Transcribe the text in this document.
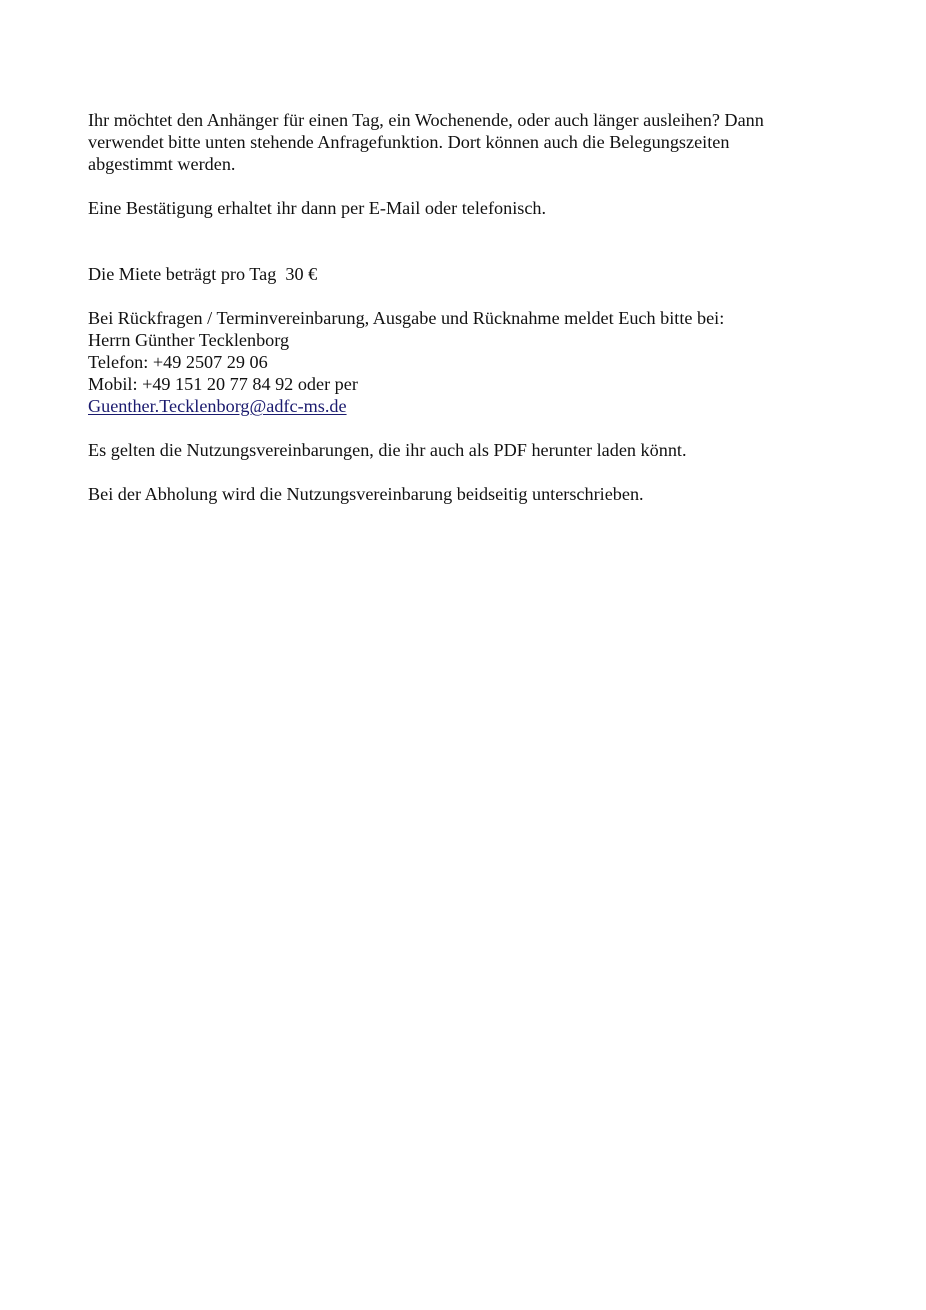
Ihr möchtet den Anhänger für einen Tag, ein Wochenende, oder auch länger ausleihen? Dann
verwendet bitte unten stehende Anfragefunktion. Dort können auch die Belegungszeiten
abgestimmt werden.

Eine Bestätigung erhaltet ihr dann per E-Mail oder telefonisch.

Die Miete beträgt pro Tag  30 €

Bei Rückfragen / Terminvereinbarung, Ausgabe und Rücknahme meldet Euch bitte bei:
Herrn Günther Tecklenborg
Telefon: +49 2507 29 06
Mobil: +49 151 20 77 84 92 oder per
Guenther.Tecklenborg@adfc-ms.de

Es gelten die Nutzungsvereinbarungen, die ihr auch als PDF herunter laden könnt.

Bei der Abholung wird die Nutzungsvereinbarung beidseitig unterschrieben.
